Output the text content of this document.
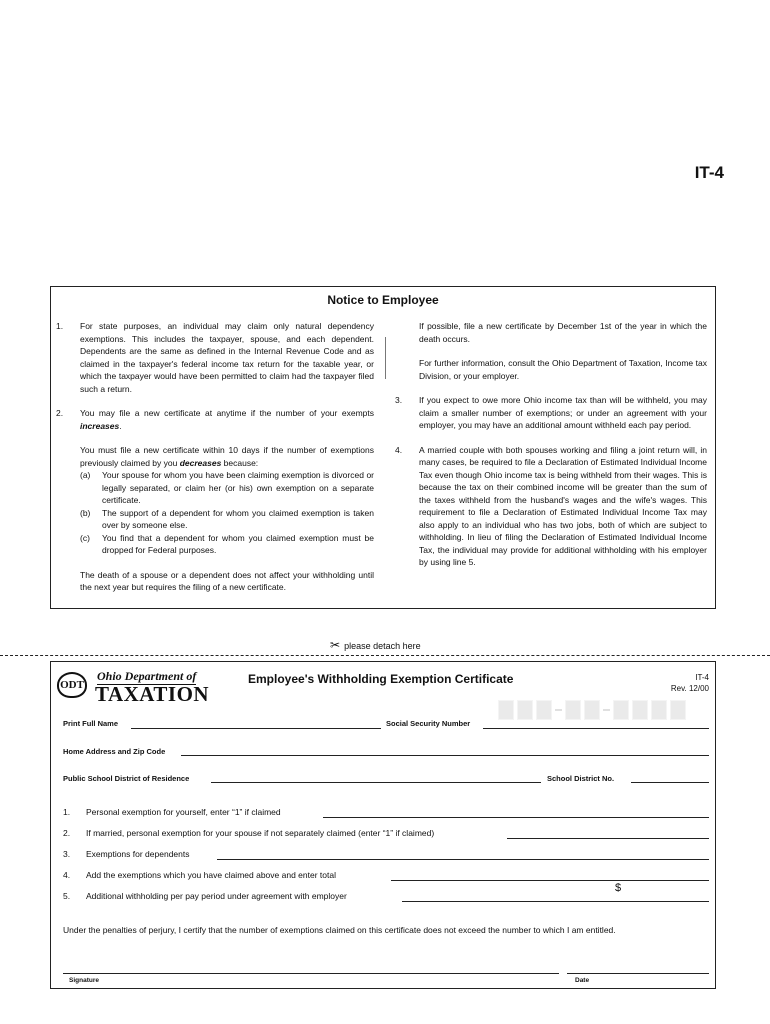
IT-4
Notice to Employee
1. For state purposes, an individual may claim only natural dependency exemptions. This includes the taxpayer, spouse, and each dependent. Dependents are the same as defined in the Internal Revenue Code and as claimed in the taxpayer's federal income tax return for the taxable year, or which the taxpayer would have been permitted to claim had the taxpayer filed such a return.

2. You may file a new certificate at anytime if the number of your exempts increases.

You must file a new certificate within 10 days if the number of exemptions previously claimed by you decreases because:

(a) Your spouse for whom you have been claiming exemption is divorced or legally separated, or claim her (or his) own exemption on a separate certificate.
(b) The support of a dependent for whom you claimed exemption is taken over by someone else.
(c) You find that a dependent for whom you claimed exemption must be dropped for Federal purposes.

The death of a spouse or a dependent does not affect your withholding until the next year but requires the filing of a new certificate.

If possible, file a new certificate by December 1st of the year in which the death occurs.

For further information, consult the Ohio Department of Taxation, Income tax Division, or your employer.

3. If you expect to owe more Ohio income tax than will be withheld, you may claim a smaller number of exemptions; or under an agreement with your employer, you may have an additional amount withheld each pay period.

4. A married couple with both spouses working and filing a joint return will, in many cases, be required to file a Declaration of Estimated Individual Income Tax even though Ohio income tax is being withheld from their wages. This is because the tax on their combined income will be greater than the sum of the taxes withheld from the husband's wages and the wife's wages. This requirement to file a Declaration of Estimated Individual Income Tax may also apply to an individual who has two jobs, both of which are subject to withholding. In lieu of filing the Declaration of Estimated Individual Income Tax, the individual may provide for additional withholding with his employer by using line 5.

✂ please detach here
ODT
Ohio Department of
TAXATION
Employee's Withholding Exemption Certificate	IT-4
Rev. 12/00
Print Full Name	Social Security Number
Home Address and Zip Code
Public School District of Residence	School District No.
1. Personal exemption for yourself, enter “1” if claimed
2. If married, personal exemption for your spouse if not separately claimed (enter “1” if claimed)
3. Exemptions for dependents
4. Add the exemptions which you have claimed above and enter total
5. Additional withholding per pay period under agreement with employer
$
Under the penalties of perjury, I certify that the number of exemptions claimed on this certificate does not exceed the number to which I am entitled.
Signature	Date
